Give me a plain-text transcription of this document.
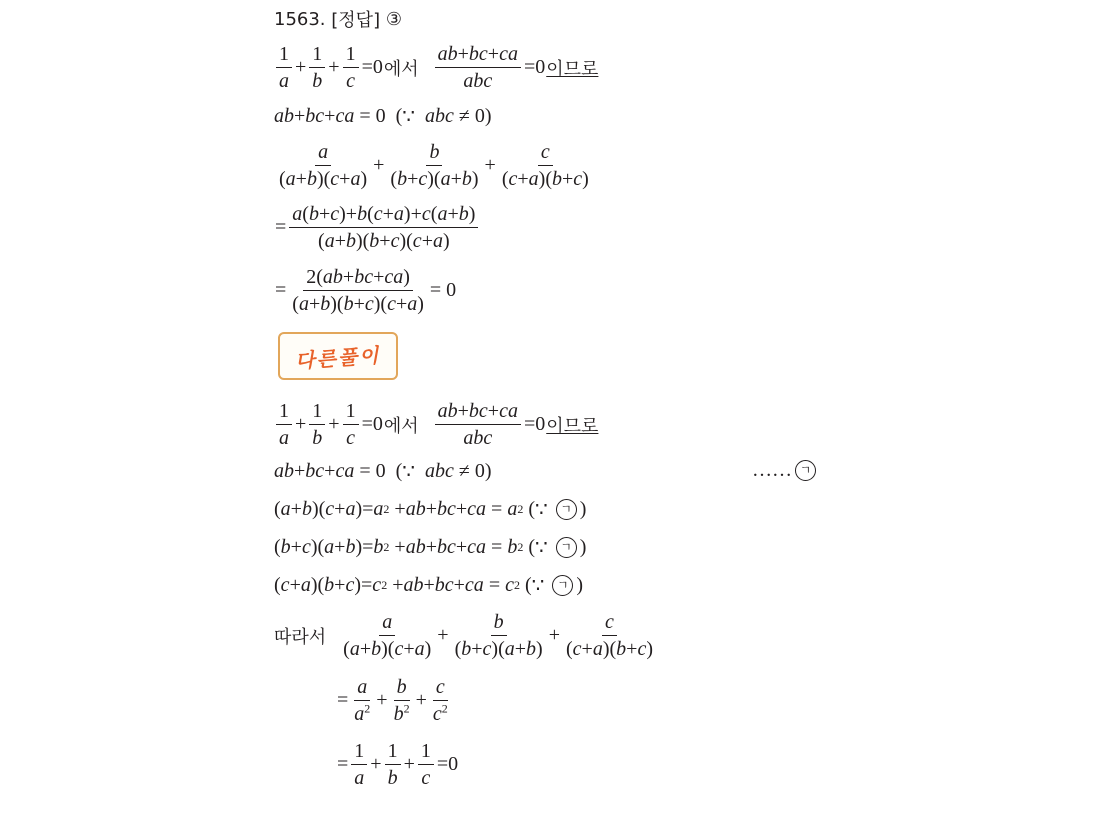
1563.
[정답]
③
$\frac{1}{a} + \frac{1}{b} + \frac{1}{c} =0$ 에서 $\frac{ab+bc+ca}{\text{abc}} =0$ 이므로
ab + bc + ca = 0  ( ∵
abc ≠ 0)
$\frac{a}{(a+b)(c+a)} + \frac{b}{(b+c)(a+b)} + \frac{c}{(c+a)(b+c)}$
= $\frac{a(b+c)+b(c+a)+c(a+b)}{(a+b)(b+c)(c+a)}$
= $\frac{2(ab+bc+ca)}{(a+b)(b+c)(c+a)} = 0$
다른풀이
$\frac{1}{a} + \frac{1}{b} + \frac{1}{c} =0$ 에서 $\frac{ab+bc+ca}{\text{abc}} =0$ 이므로
ab + bc + ca = 0  ( ∵
abc ≠ 0)	…… ㄱ
( a + b )( c + a )= a 2 + ab + bc + ca = a 2 ( ∵
	ㄱ )
( b + c )( a + b )= b 2 + ab + bc + ca = b 2 ( ∵
	ㄱ )
( c + a )( b + c )= c 2 + ab + bc + ca = c 2 ( ∵
	ㄱ )
따라서 $\frac{a}{(a+b)(c+a)} + \frac{b}{(b+c)(a+b)} + \frac{c}{(c+a)(b+c)}$
= $\frac{a}{a^2} + \frac{b}{b^2} + \frac{c}{c^2}$
= $\frac{1}{a} + \frac{1}{b} + \frac{1}{c} =0$
